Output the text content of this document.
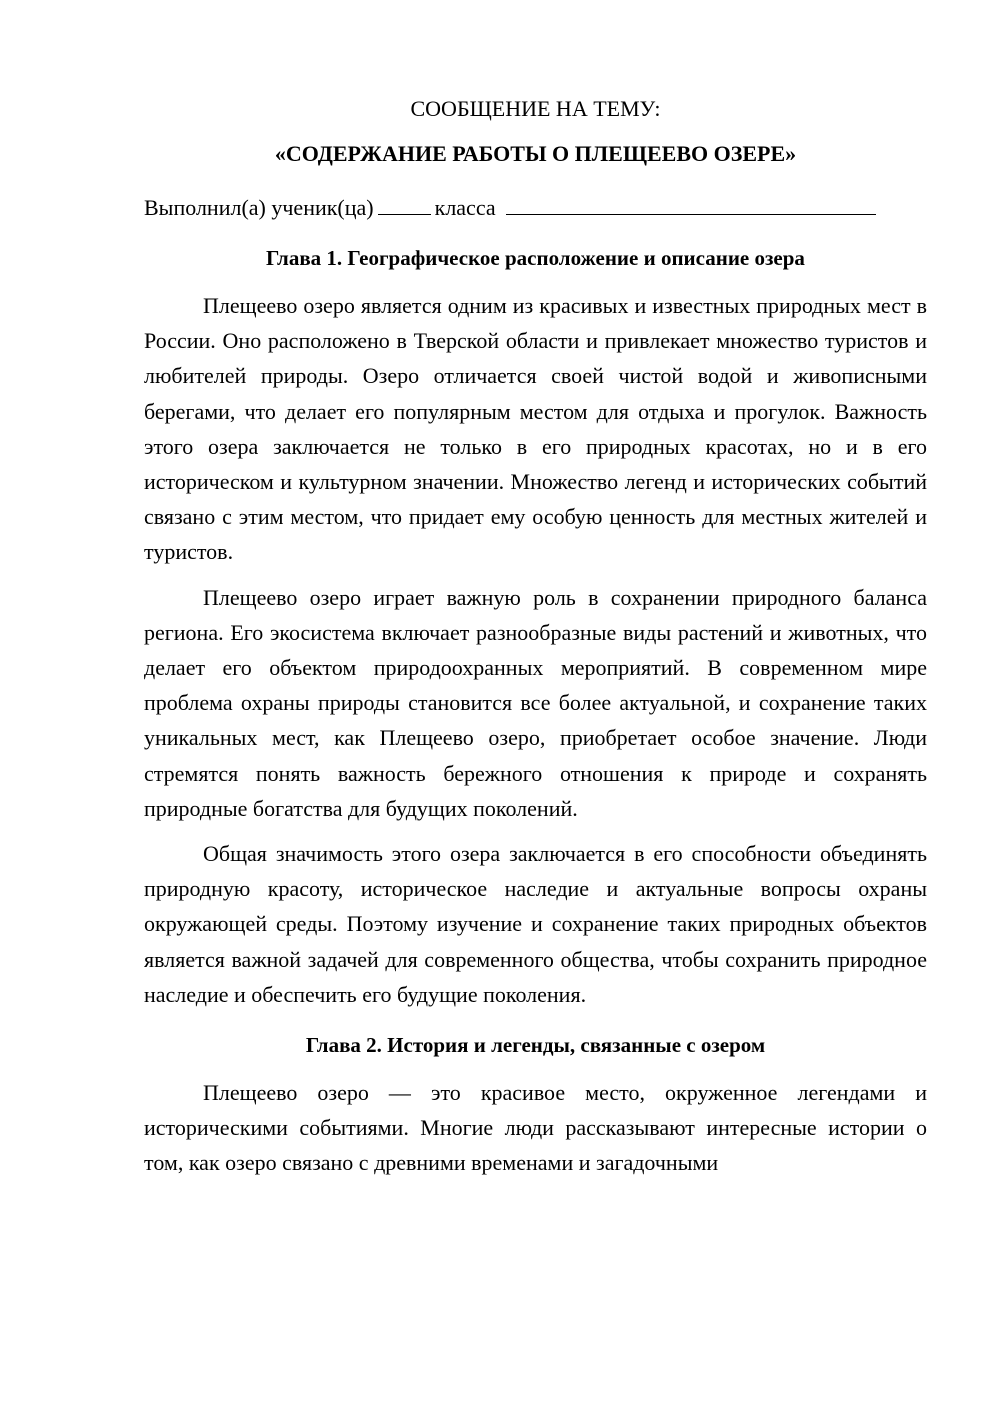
СООБЩЕНИЕ НА ТЕМУ:
«СОДЕРЖАНИЕ РАБОТЫ О ПЛЕЩЕЕВО ОЗЕРЕ»
Выполнил(а) ученик(ца)	класса
Глава 1. Географическое расположение и описание озера

Плещеево озеро является одним из красивых и известных природных мест в России. Оно расположено в Тверской области и привлекает множество туристов и любителей природы. Озеро отличается своей чистой водой и живописными берегами, что делает его популярным местом для отдыха и прогулок. Важность этого озера заключается не только в его природных красотах, но и в его историческом и культурном значении. Множество легенд и исторических событий связано с этим местом, что придает ему особую ценность для местных жителей и туристов.

Плещеево озеро играет важную роль в сохранении природного баланса региона. Его экосистема включает разнообразные виды растений и животных, что делает его объектом природоохранных мероприятий. В современном мире проблема охраны природы становится все более актуальной, и сохранение таких уникальных мест, как Плещеево озеро, приобретает особое значение. Люди стремятся понять важность бережного отношения к природе и сохранять природные богатства для будущих поколений.

Общая значимость этого озера заключается в его способности объединять природную красоту, историческое наследие и актуальные вопросы охраны окружающей среды. Поэтому изучение и сохранение таких природных объектов является важной задачей для современного общества, чтобы сохранить природное наследие и обеспечить его будущие поколения.

Глава 2. История и легенды, связанные с озером

Плещеево озеро — это красивое место, окруженное легендами и историческими событиями. Многие люди рассказывают интересные истории о том, как озеро связано с древними временами и загадочными
